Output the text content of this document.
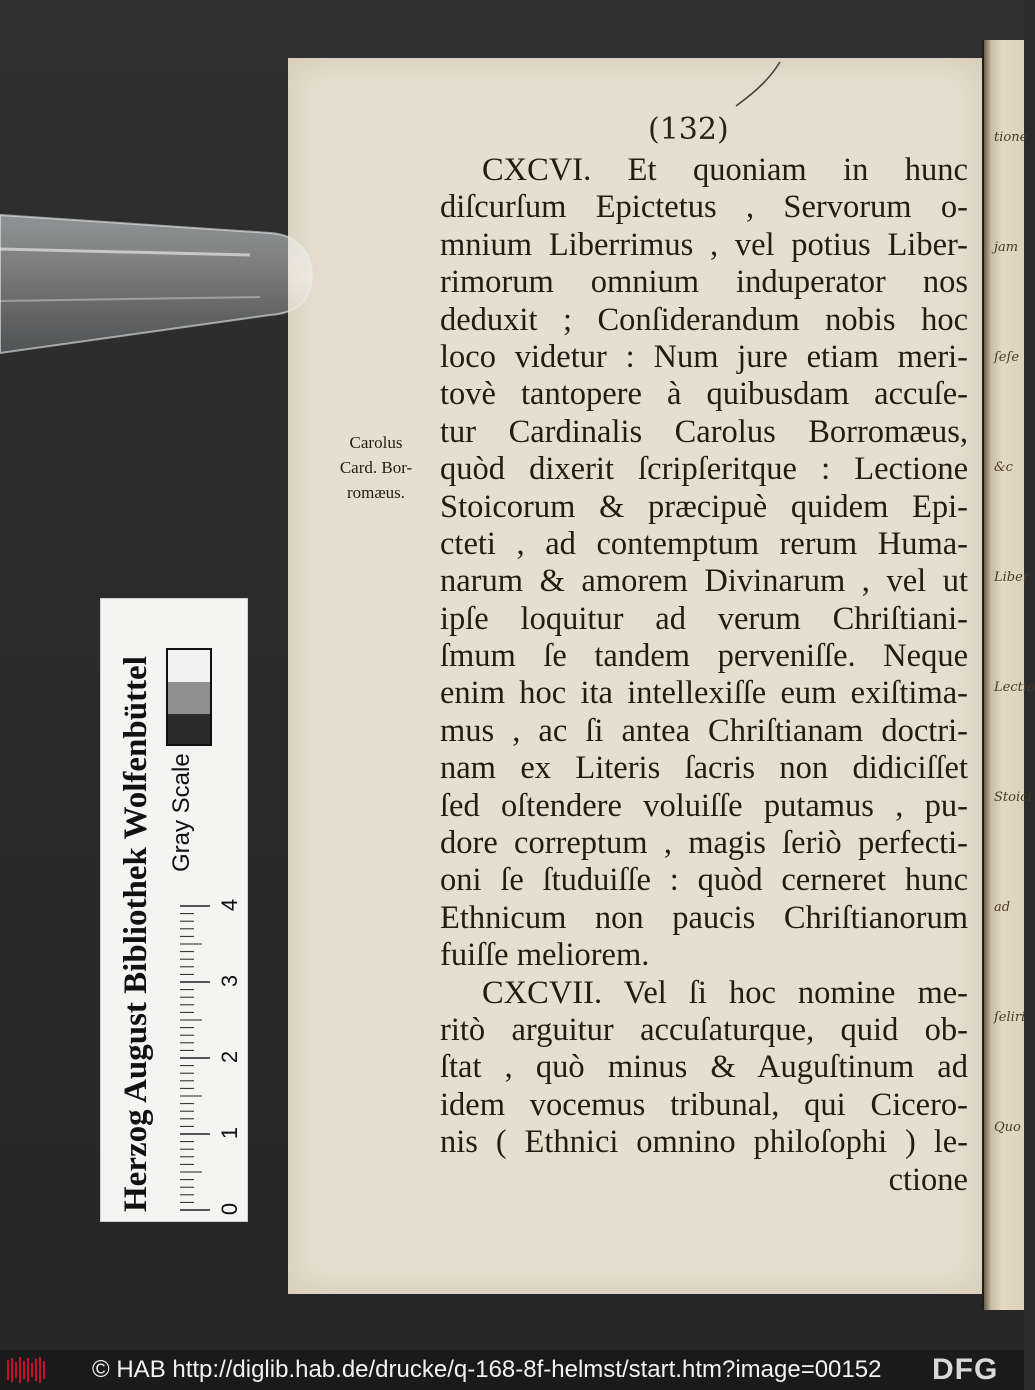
tione
jam
ſeſe
&c
Liber
Lectio
Stoici
ad
ſeliri
Quo
(132)
Carolus
Card. Bor-
romæus.
CXCVI. Et quoniam in hunc
diſcurſum Epictetus , Servorum o-
mnium Liberrimus , vel potius Liber-
rimorum omnium induperator nos
deduxit ; Conſiderandum nobis hoc
loco videtur : Num jure etiam meri-
tovè tantopere à quibusdam accuſe-
tur Cardinalis Carolus Borromæus,
quòd dixerit ſcripſeritque : Lectione
Stoicorum & præcipuè quidem Epi-
cteti , ad contemptum rerum Huma-
narum & amorem Divinarum , vel ut
ipſe loquitur ad verum Chriſtiani-
ſmum ſe tandem perveniſſe. Neque
enim hoc ita intellexiſſe eum exiſtima-
mus , ac ſi antea Chriſtianam doctri-
nam ex Literis ſacris non didiciſſet
ſed oſtendere voluiſſe putamus , pu-
dore correptum , magis ſeriò perfecti-
oni ſe ſtuduiſſe : quòd cerneret hunc
Ethnicum non paucis Chriſtianorum
fuiſſe meliorem.
CXCVII. Vel ſi hoc nomine me-
ritò arguitur accuſaturque, quid ob-
ſtat , quò minus & Auguſtinum ad
idem vocemus tribunal, qui Cicero-
nis ( Ethnici omnino philoſophi ) le-
ctione
Herzog August Bibliothek Wolfenbüttel Gray Scale
0
1
2
3
4
© HAB http://diglib.hab.de/drucke/q-168-8f-helmst/start.htm?image=00152 DFG
